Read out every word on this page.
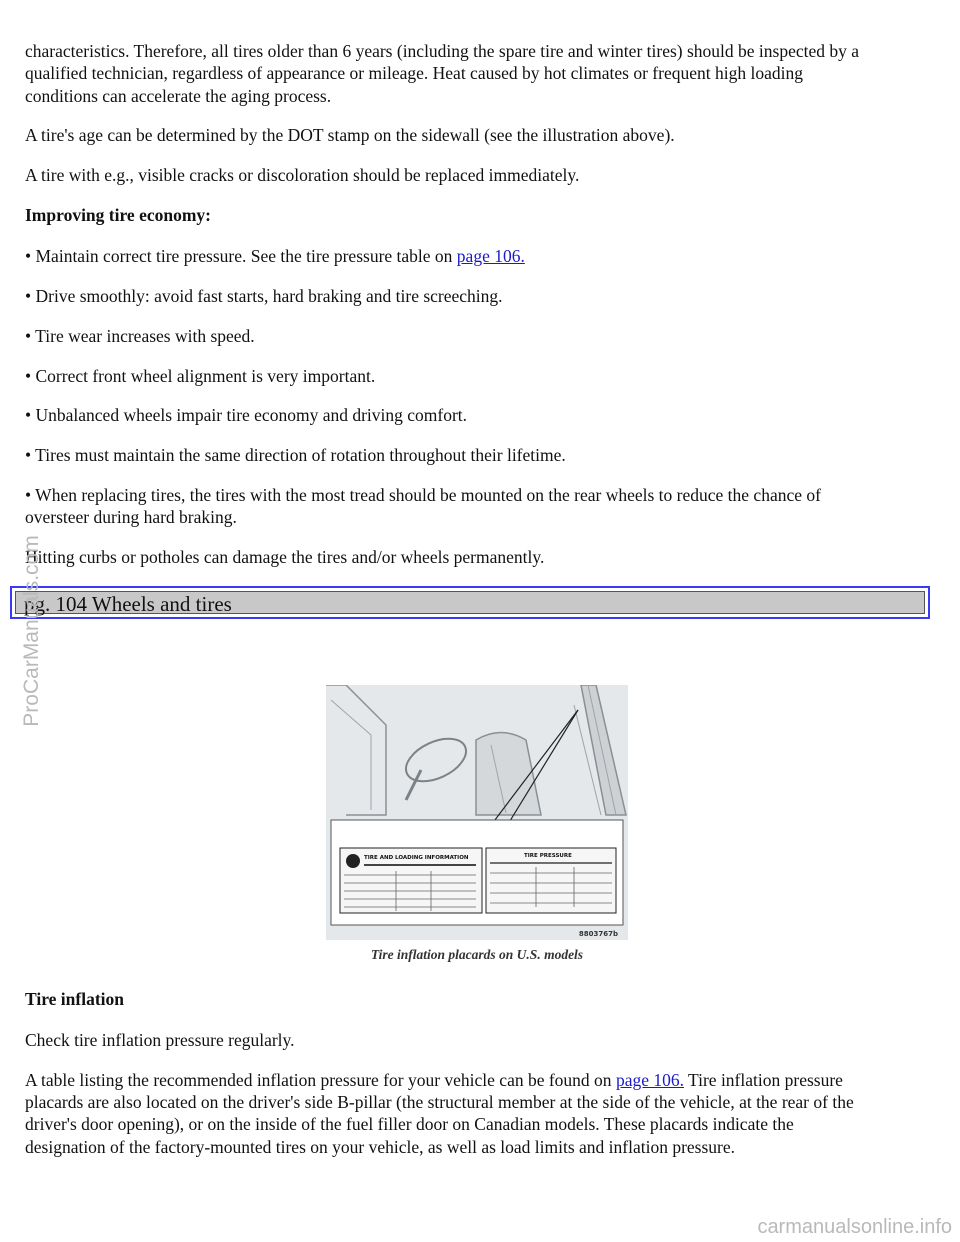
characteristics. Therefore, all tires older than 6 years (including the spare tire and winter tires) should be inspected by a
qualified technician, regardless of appearance or mileage. Heat caused by hot climates or frequent high loading
conditions can accelerate the aging process.
A tire's age can be determined by the DOT stamp on the sidewall (see the illustration above).
A tire with e.g., visible cracks or discoloration should be replaced immediately.
Improving tire economy:
• Maintain correct tire pressure. See the tire pressure table on page 106.
• Drive smoothly: avoid fast starts, hard braking and tire screeching.
• Tire wear increases with speed.
• Correct front wheel alignment is very important.
• Unbalanced wheels impair tire economy and driving comfort.
• Tires must maintain the same direction of rotation throughout their lifetime.
• When replacing tires, the tires with the most tread should be mounted on the rear wheels to reduce the chance of
oversteer during hard braking.
Hitting curbs or potholes can damage the tires and/or wheels permanently.
Tire inflation
Check tire inflation pressure regularly.
A table listing the recommended inflation pressure for your vehicle can be found on page 106. Tire inflation pressure
placards are also located on the driver's side B-pillar (the structural member at the side of the vehicle, at the rear of the
driver's door opening), or on the inside of the fuel filler door on Canadian models. These placards indicate the
designation of the factory-mounted tires on your vehicle, as well as load limits and inflation pressure.
pg. 104 Wheels and tires
TIRE AND LOADING INFORMATION	TIRE PRESSURE
8803767b
Tire inflation placards on U.S. models
ProCarManuals.com
carmanualsonline.info
